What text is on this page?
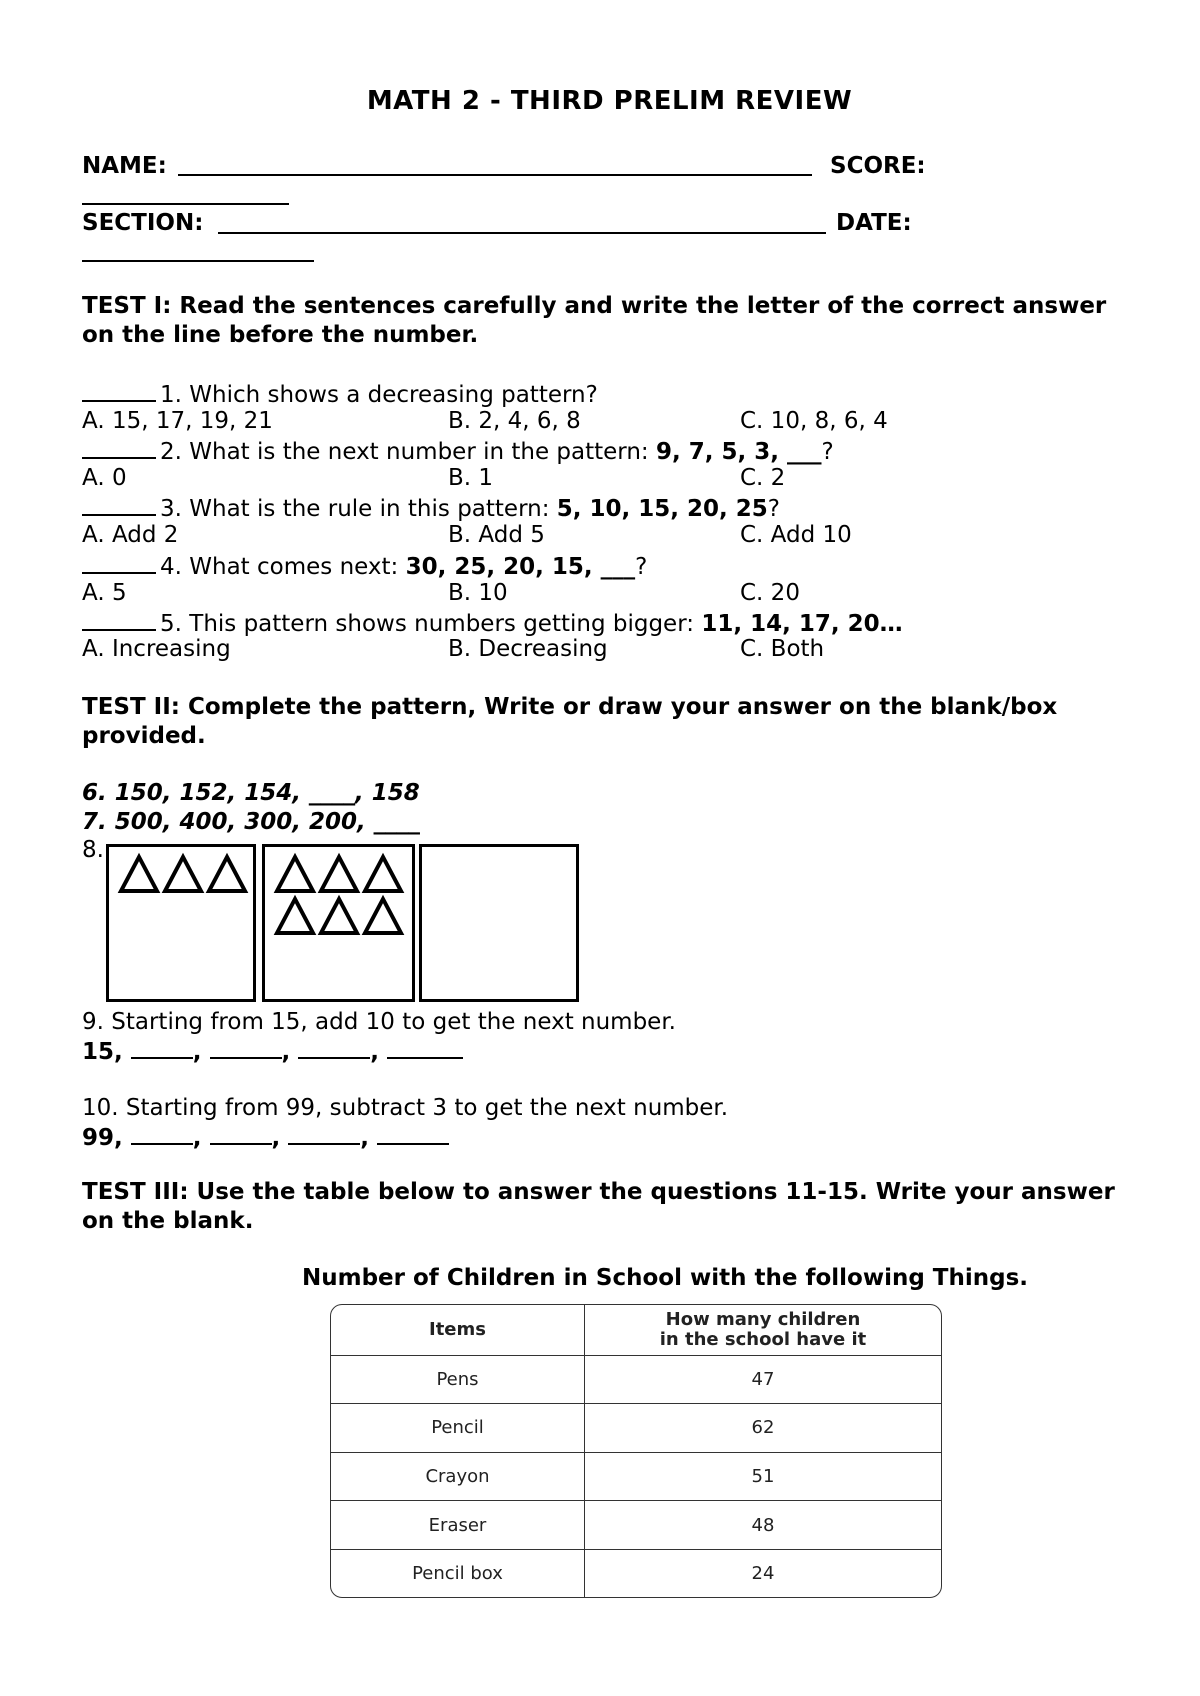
MATH 2 - THIRD PRELIM REVIEW
NAME:	SCORE:
SECTION:	DATE:
TEST I: Read the sentences carefully and write the letter of the correct answer on the line before the number.
1. Which shows a decreasing pattern?
A. 15, 17, 19, 21	B. 2, 4, 6, 8	C. 10, 8, 6, 4
2. What is the next number in the pattern: 9, 7, 5, 3, ___?
A. 0	B. 1	C. 2
3. What is the rule in this pattern: 5, 10, 15, 20, 25?
A. Add 2	B. Add 5	C. Add 10
4. What comes next: 30, 25, 20, 15, ___?
A. 5	B. 10	C. 20
5. This pattern shows numbers getting bigger: 11, 14, 17, 20…
A. Increasing	B. Decreasing	C. Both
TEST II: Complete the pattern, Write or draw your answer on the blank/box provided.
6. 150, 152, 154, ____, 158
7. 500, 400, 300, 200, ____
8.
9. Starting from 15, add 10 to get the next number.
15,	,	,	,
10. Starting from 99, subtract 3 to get the next number.
99,	,	,	,
TEST III: Use the table below to answer the questions 11-15. Write your answer on the blank.
Number of Children in School with the following Things.
Items	How many children in the school have it

Pens	47
Pencil	62
Crayon	51
Eraser	48
Pencil box	24
